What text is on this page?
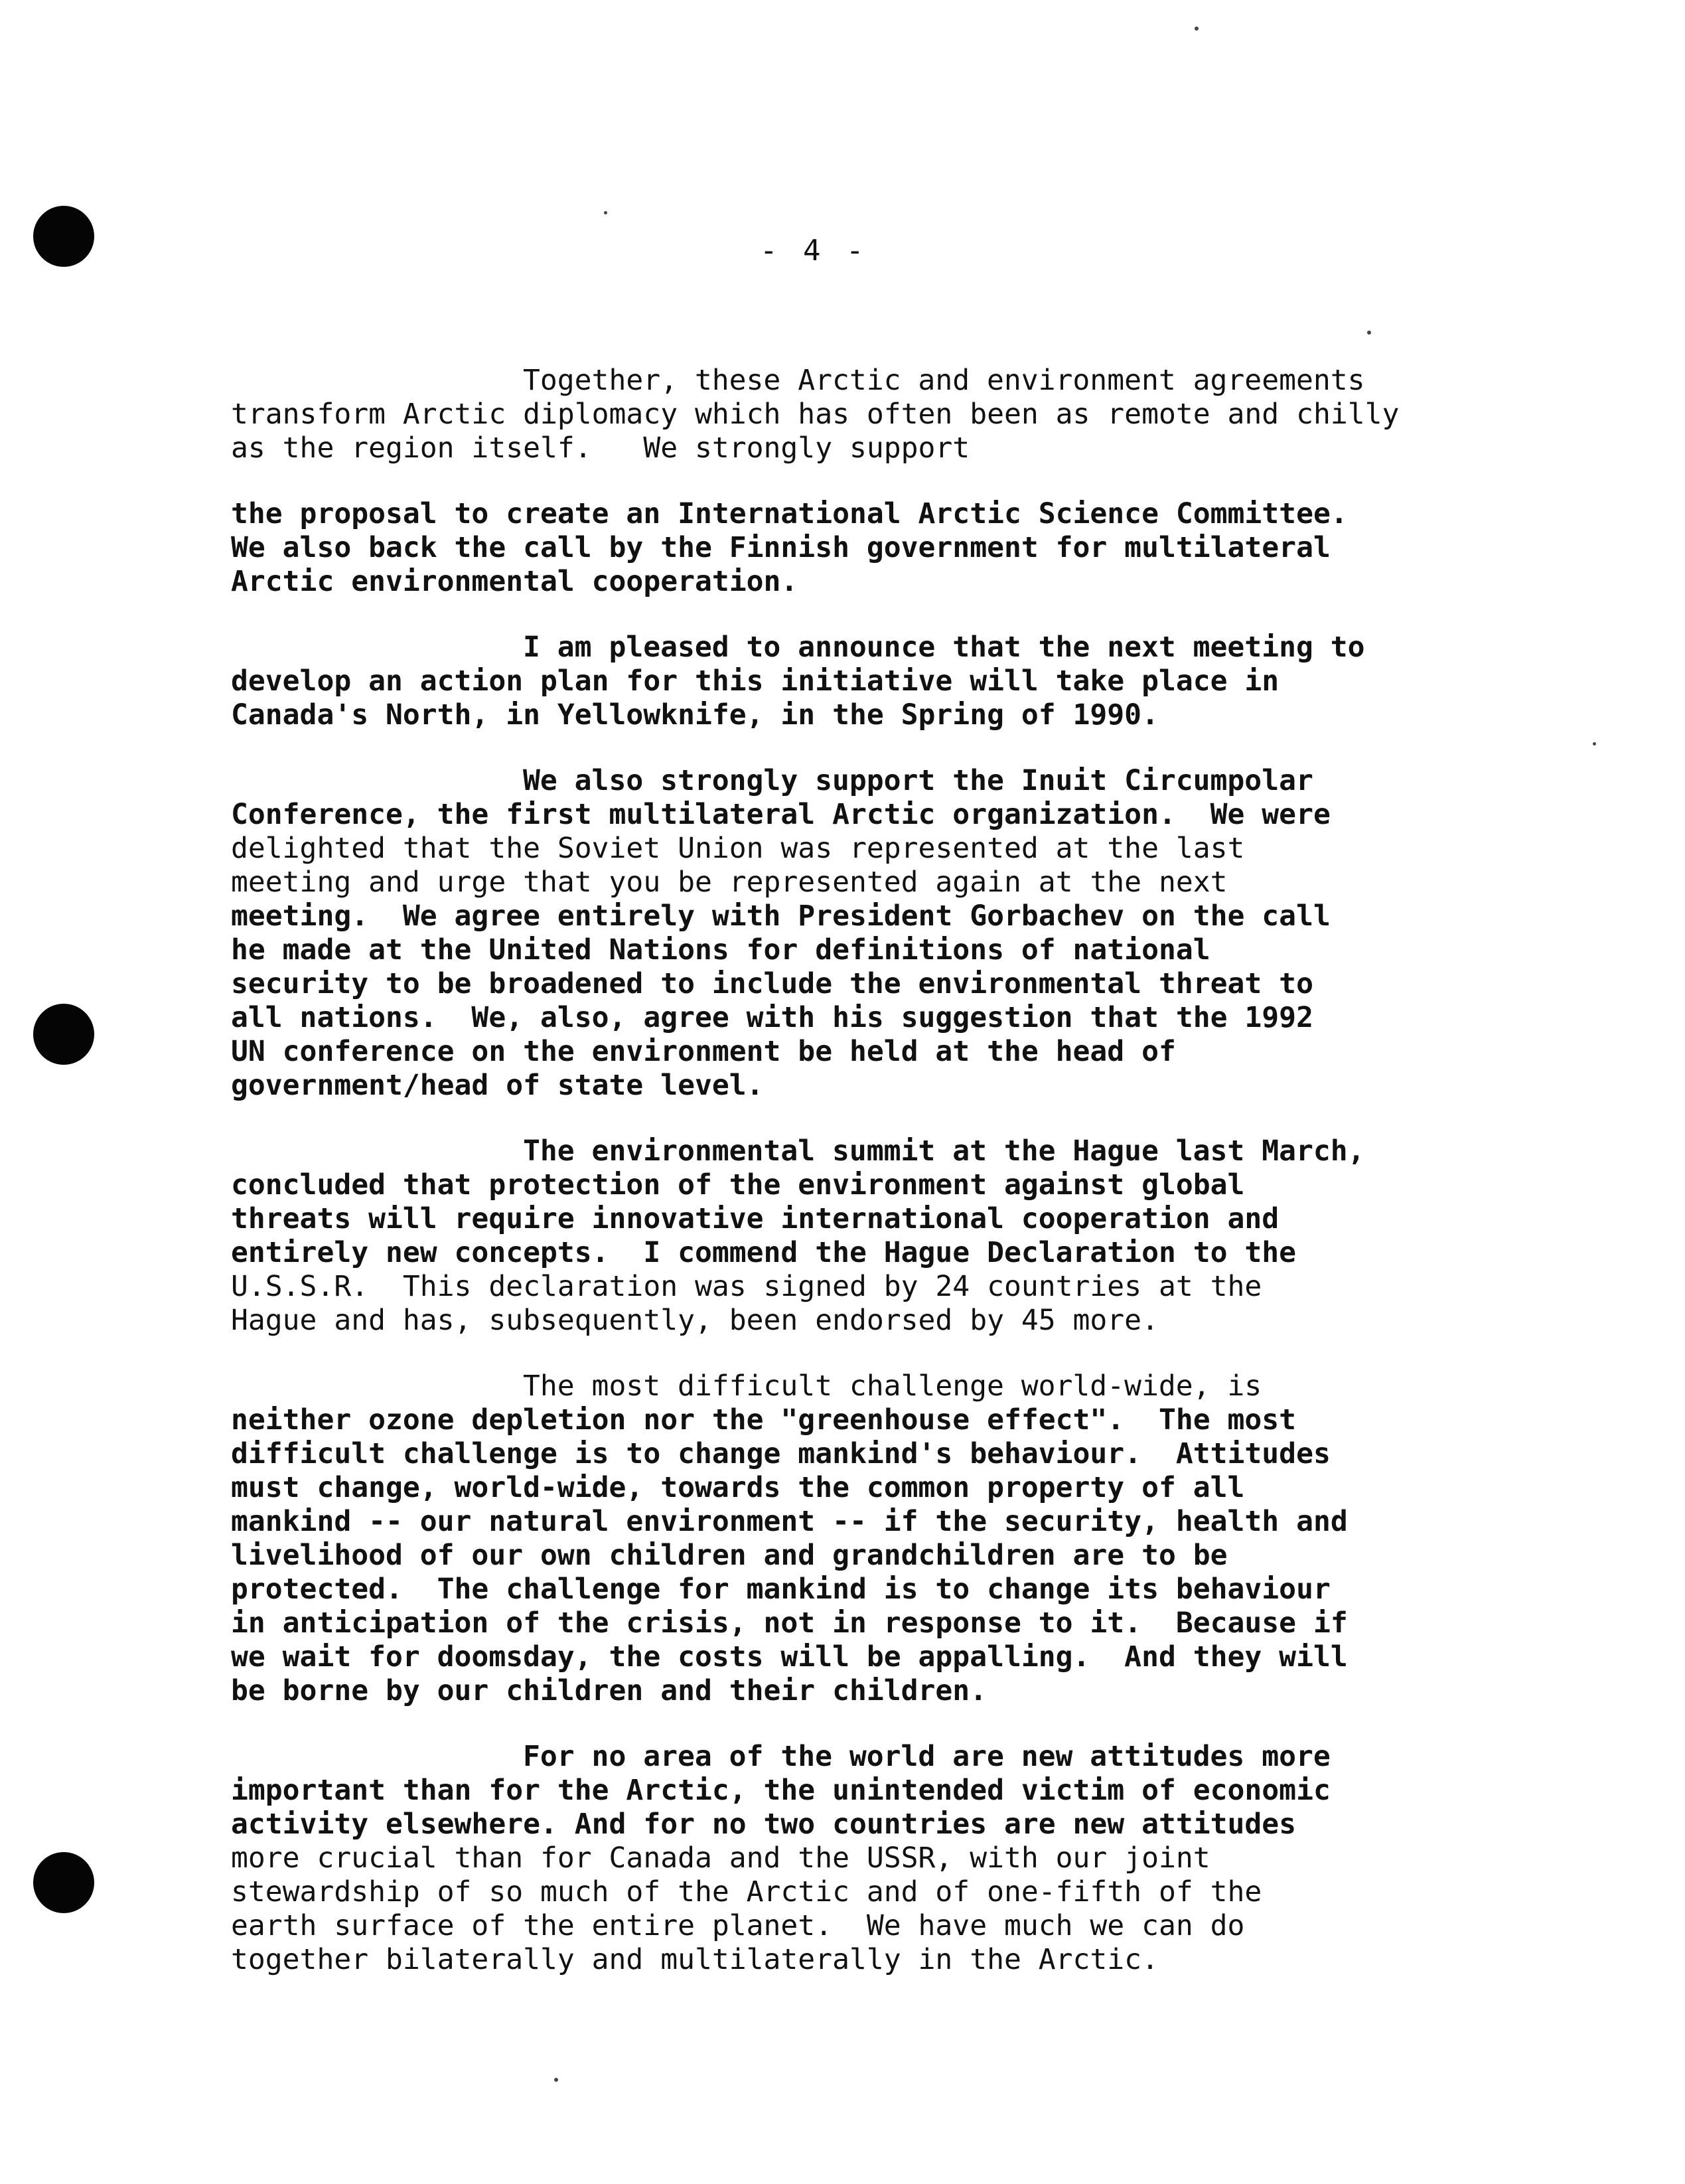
- 4 -
Together, these Arctic and environment agreements
transform Arctic diplomacy which has often been as remote and chilly
as the region itself.   We strongly support
the proposal to create an International Arctic Science Committee.
We also back the call by the Finnish government for multilateral
Arctic environmental cooperation.
I am pleased to announce that the next meeting to
develop an action plan for this initiative will take place in
Canada's North, in Yellowknife, in the Spring of 1990.
We also strongly support the Inuit Circumpolar
Conference, the first multilateral Arctic organization.  We were
delighted that the Soviet Union was represented at the last
meeting and urge that you be represented again at the next
meeting.  We agree entirely with President Gorbachev on the call
he made at the United Nations for definitions of national
security to be broadened to include the environmental threat to
all nations.  We, also, agree with his suggestion that the 1992
UN conference on the environment be held at the head of
government/head of state level.
The environmental summit at the Hague last March,
concluded that protection of the environment against global
threats will require innovative international cooperation and
entirely new concepts.  I commend the Hague Declaration to the
U.S.S.R.  This declaration was signed by 24 countries at the
Hague and has, subsequently, been endorsed by 45 more.
The most difficult challenge world-wide, is
neither ozone depletion nor the "greenhouse effect".  The most
difficult challenge is to change mankind's behaviour.  Attitudes
must change, world-wide, towards the common property of all
mankind -- our natural environment -- if the security, health and
livelihood of our own children and grandchildren are to be
protected.  The challenge for mankind is to change its behaviour
in anticipation of the crisis, not in response to it.  Because if
we wait for doomsday, the costs will be appalling.  And they will
be borne by our children and their children.
For no area of the world are new attitudes more
important than for the Arctic, the unintended victim of economic
activity elsewhere. And for no two countries are new attitudes
more crucial than for Canada and the USSR, with our joint
stewardship of so much of the Arctic and of one-fifth of the
earth surface of the entire planet.  We have much we can do
together bilaterally and multilaterally in the Arctic.
